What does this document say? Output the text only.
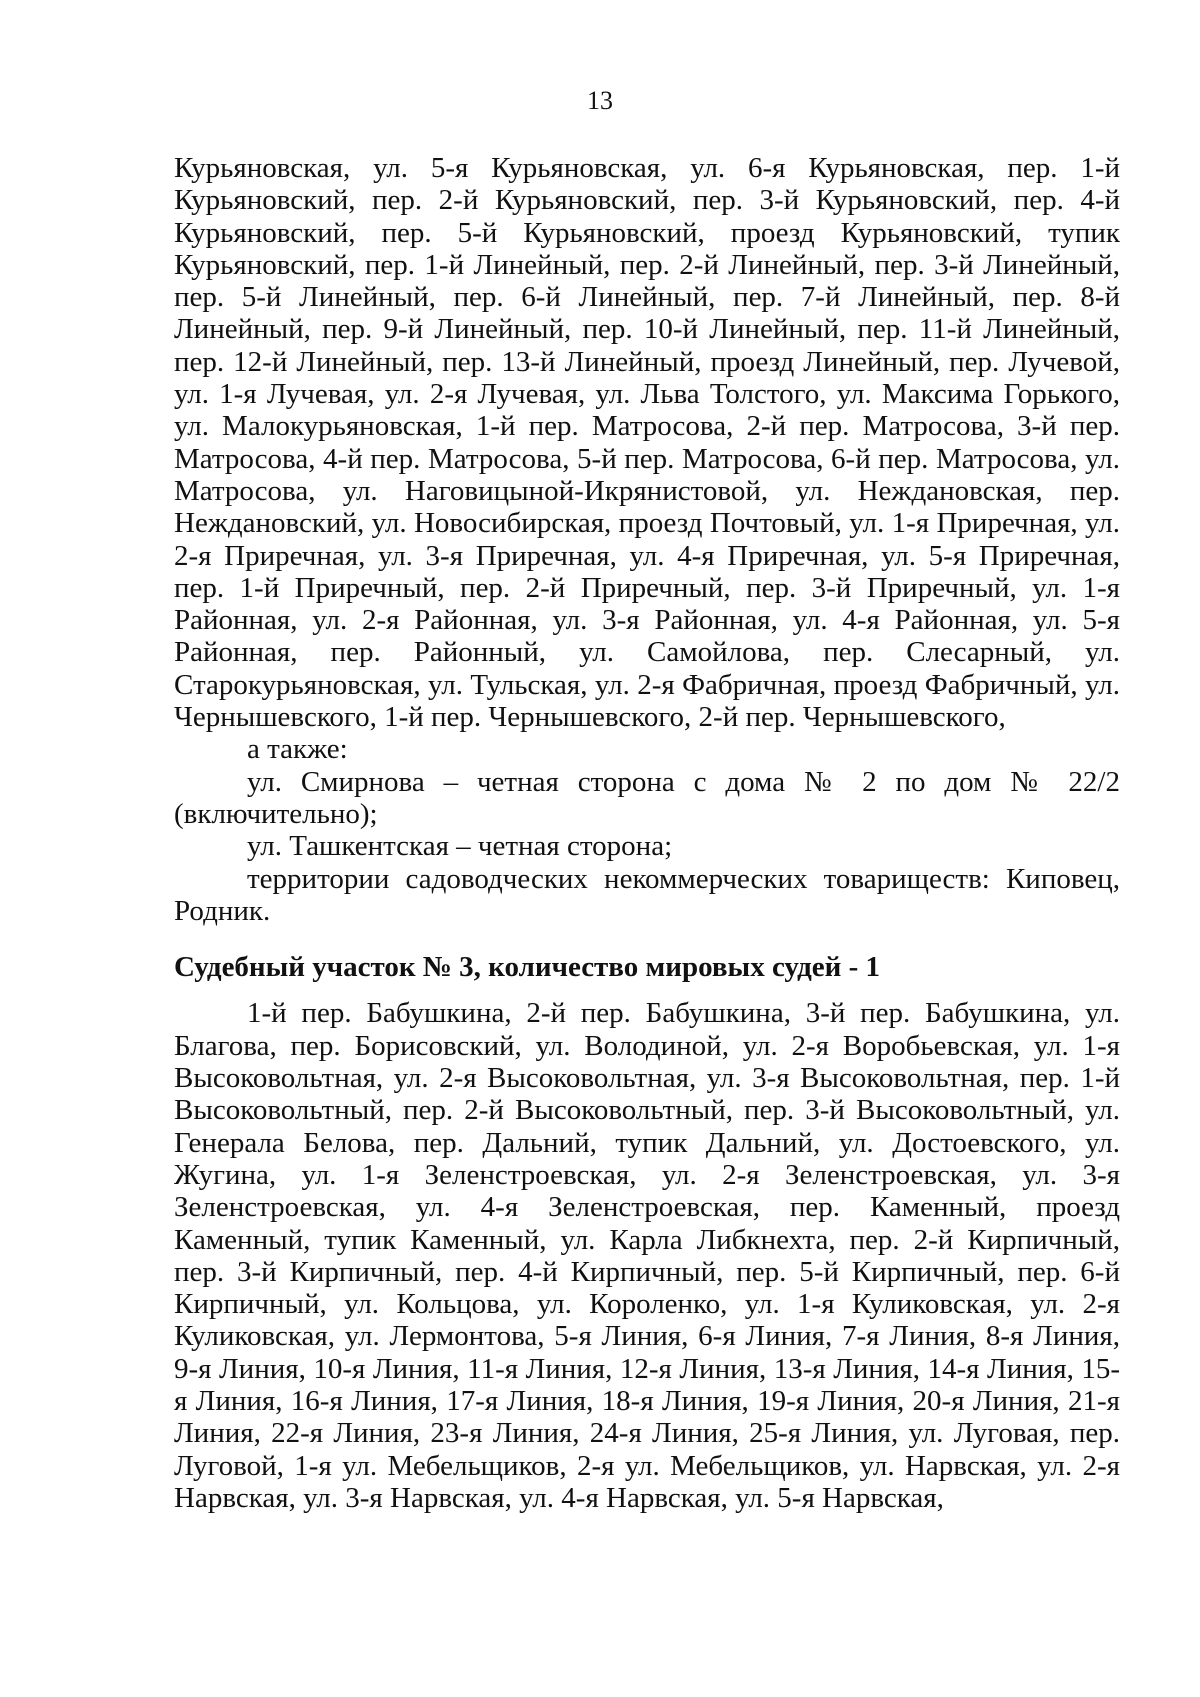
13

Курьяновская, ул. 5-я Курьяновская, ул. 6-я Курьяновская, пер. 1-й Курьяновский, пер. 2-й Курьяновский, пер. 3-й Курьяновский, пер. 4-й Курьяновский, пер. 5-й Курьяновский, проезд Курьяновский, тупик Курьяновский, пер. 1-й Линейный, пер. 2-й Линейный, пер. 3-й Линейный, пер. 5-й Линейный, пер. 6-й Линейный, пер. 7-й Линейный, пер. 8-й Линейный, пер. 9-й Линейный, пер. 10-й Линейный, пер. 11-й Линейный, пер. 12-й Линейный, пер. 13-й Линейный, проезд Линейный, пер. Лучевой, ул. 1-я Лучевая, ул. 2-я Лучевая, ул. Льва Толстого, ул. Максима Горького, ул. Малокурьяновская, 1-й пер. Матросова, 2-й пер. Матросова, 3-й пер. Матросова, 4-й пер. Матросова, 5-й пер. Матросова, 6-й пер. Матросова, ул. Матросова, ул. Наговицыной-Икрянистовой, ул. Неждановская, пер. Неждановский, ул. Новосибирская, проезд Почтовый, ул. 1-я Приречная, ул. 2-я Приречная, ул. 3-я Приречная, ул. 4-я Приречная, ул. 5-я Приречная, пер. 1-й Приречный, пер. 2-й Приречный, пер. 3-й Приречный, ул. 1-я Районная, ул. 2-я Районная, ул. 3-я Районная, ул. 4-я Районная, ул. 5-я Районная, пер. Районный, ул. Самойлова, пер. Слесарный, ул. Старокурьяновская, ул. Тульская, ул. 2-я Фабричная, проезд Фабричный, ул. Чернышевского, 1-й пер. Чернышевского, 2-й пер. Чернышевского,

а также:

ул. Смирнова – четная сторона с дома № 2 по дом № 22/2 (включительно);

ул. Ташкентская – четная сторона;

территории садоводческих некоммерческих товариществ: Киповец, Родник.

Судебный участок № 3, количество мировых судей - 1

1-й пер. Бабушкина, 2-й пер. Бабушкина, 3-й пер. Бабушкина, ул. Благова, пер. Борисовский, ул. Володиной, ул. 2-я Воробьевская, ул. 1-я Высоковольтная, ул. 2-я Высоковольтная, ул. 3-я Высоковольтная, пер. 1-й Высоковольтный, пер. 2-й Высоковольтный, пер. 3-й Высоковольтный, ул. Генерала Белова, пер. Дальний, тупик Дальний, ул. Достоевского, ул. Жугина, ул. 1-я Зеленстроевская, ул. 2-я Зеленстроевская, ул. 3-я Зеленстроевская, ул. 4-я Зеленстроевская, пер. Каменный, проезд Каменный, тупик Каменный, ул. Карла Либкнехта, пер. 2-й Кирпичный, пер. 3-й Кирпичный, пер. 4-й Кирпичный, пер. 5-й Кирпичный, пер. 6-й Кирпичный, ул. Кольцова, ул. Короленко, ул. 1-я Куликовская, ул. 2-я Куликовская, ул. Лермонтова, 5-я Линия, 6-я Линия, 7-я Линия, 8-я Линия, 9-я Линия, 10-я Линия, 11-я Линия, 12-я Линия, 13-я Линия, 14-я Линия, 15-я Линия, 16-я Линия, 17-я Линия, 18-я Линия, 19-я Линия, 20-я Линия, 21-я Линия, 22-я Линия, 23-я Линия, 24-я Линия, 25-я Линия, ул. Луговая, пер. Луговой, 1-я ул. Мебельщиков, 2-я ул. Мебельщиков, ул. Нарвская, ул. 2-я Нарвская, ул. 3-я Нарвская, ул. 4-я Нарвская, ул. 5-я Нарвская,
